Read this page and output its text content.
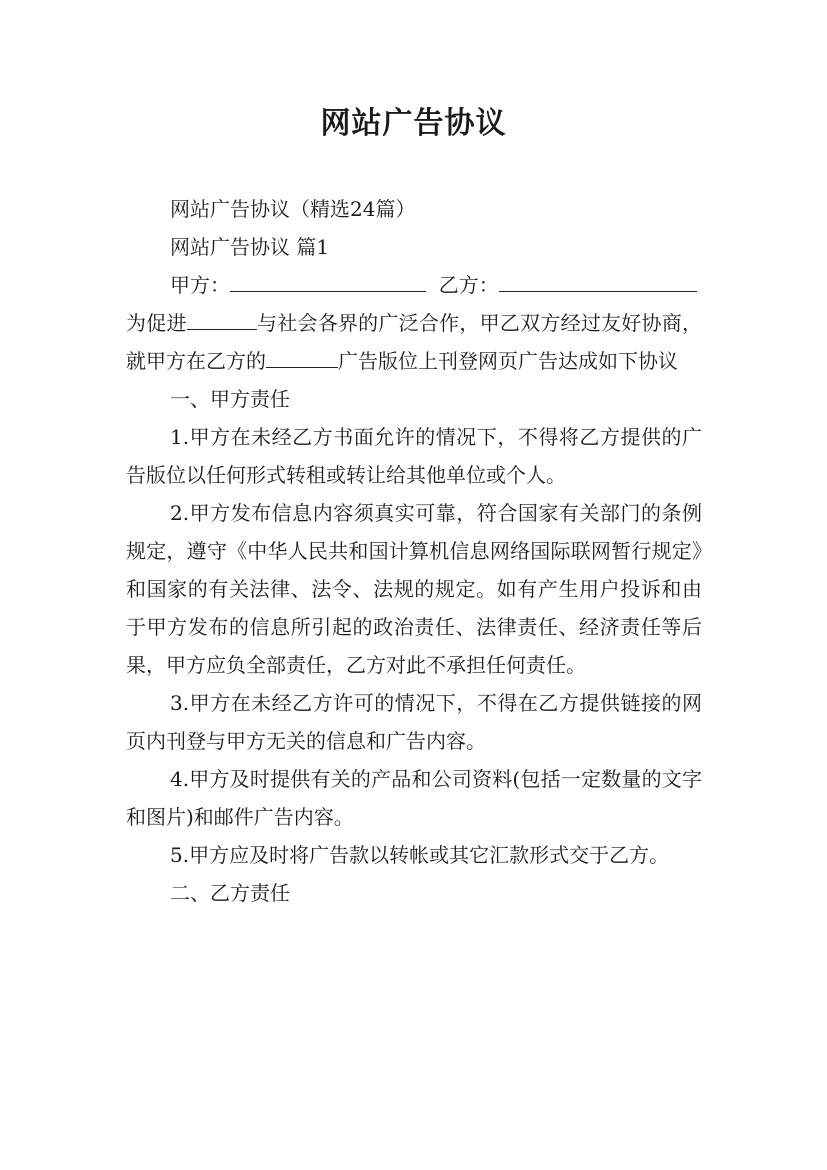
网站广告协议

网站广告协议（精选24篇）

网站广告协议 篇1

甲方：	乙方：

为促进	与社会各界的广泛合作，甲乙双方经过友好协商，就甲方在乙方的	广告版位上刊登网页广告达成如下协议

一、甲方责任

1.甲方在未经乙方书面允许的情况下，不得将乙方提供的广告版位以任何形式转租或转让给其他单位或个人。

2.甲方发布信息内容须真实可靠，符合国家有关部门的条例规定，遵守《中华人民共和国计算机信息网络国际联网暂行规定》和国家的有关法律、法令、法规的规定。如有产生用户投诉和由于甲方发布的信息所引起的政治责任、法律责任、经济责任等后果，甲方应负全部责任，乙方对此不承担任何责任。

3.甲方在未经乙方许可的情况下，不得在乙方提供链接的网页内刊登与甲方无关的信息和广告内容。

4.甲方及时提供有关的产品和公司资料(包括一定数量的文字和图片)和邮件广告内容。

5.甲方应及时将广告款以转帐或其它汇款形式交于乙方。

二、乙方责任
